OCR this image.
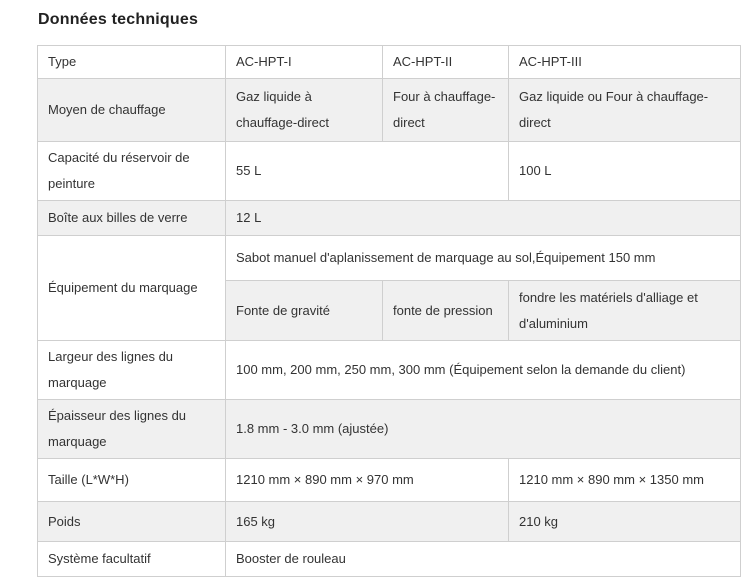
Données techniques
Type	AC-HPT-I	AC-HPT-II	AC-HPT-III
Moyen de chauffage	Gaz liquide à chauffage-direct	Four à chauffage-direct	Gaz liquide ou Four à chauffage-direct
Capacité du réservoir de peinture	55 L		100 L
Boîte aux billes de verre	12 L		
Équipement du marquage	Sabot manuel d'aplanissement de marquage au sol,Équipement 150 mm		
	Fonte de gravité	fonte de pression	fondre les matériels d'alliage et d'aluminium
Largeur des lignes du marquage	100 mm, 200 mm, 250 mm, 300 mm (Équipement selon la demande du client)		
Épaisseur des lignes du marquage	1.8 mm - 3.0 mm (ajustée)		
Taille (L*W*H)	1210 mm × 890 mm × 970 mm		1210 mm × 890 mm × 1350 mm
Poids	165 kg		210 kg
Système facultatif	Booster de rouleau		
